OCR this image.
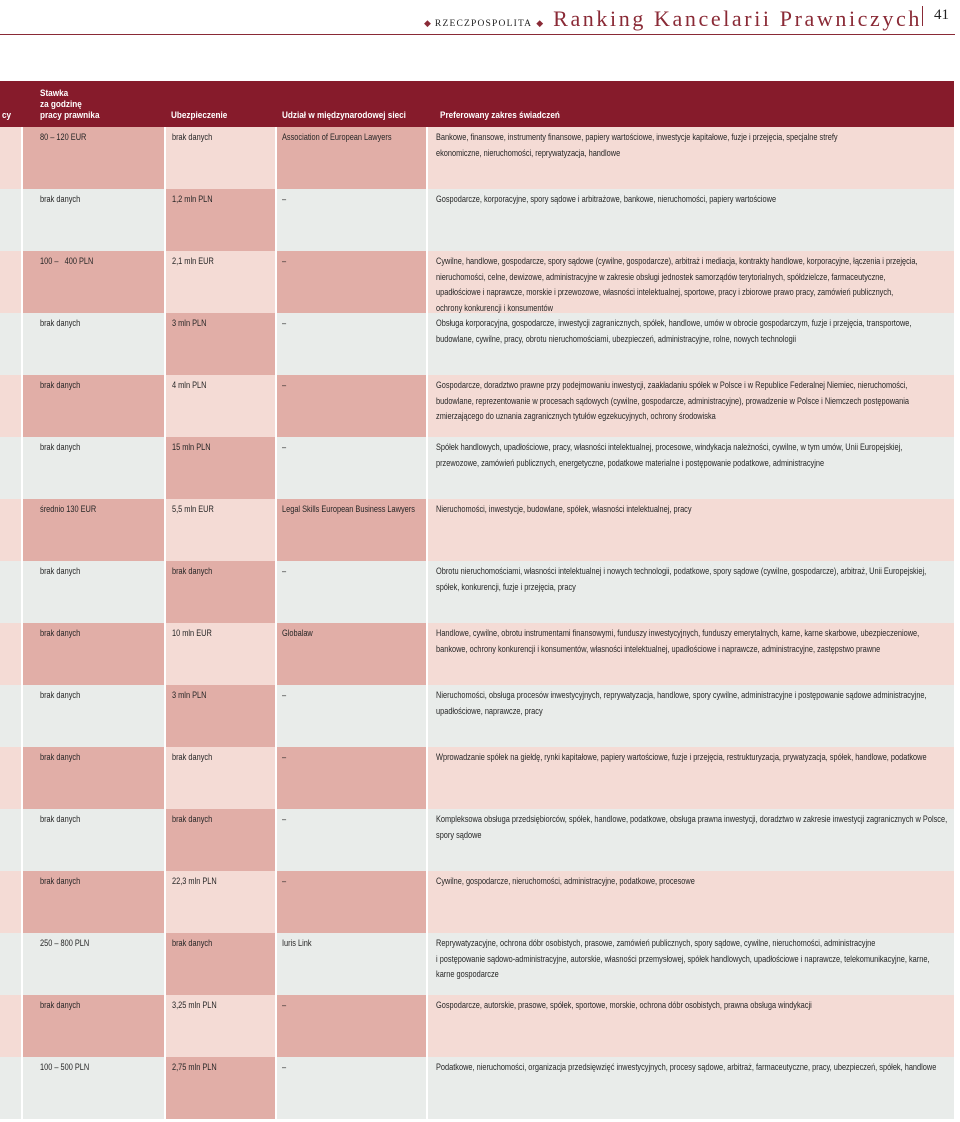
◆ RZECZPOSPOLITA ◆ Ranking Kancelarii Prawniczych 41
cy
Stawka
za godzinę
pracy prawnika	Ubezpieczenie	Udział w międzynarodowej sieci	Preferowany zakres świadczeń
80 – 120 EUR	brak danych	Association of European Lawyers	Bankowe, finansowe, instrumenty finansowe, papiery wartościowe, inwestycje kapitałowe, fuzje i przejęcia, specjalne strefy
ekonomiczne, nieruchomości, reprywatyzacja, handlowe
brak danych	1,2 mln PLN	–	Gospodarcze, korporacyjne, spory sądowe i arbitrażowe, bankowe, nieruchomości, papiery wartościowe
100 –   400 PLN	2,1 mln EUR	–	Cywilne, handlowe, gospodarcze, spory sądowe (cywilne, gospodarcze), arbitraż i mediacja, kontrakty handlowe, korporacyjne, łączenia i przejęcia,
nieruchomości, celne, dewizowe, administracyjne w zakresie obsługi jednostek samorządów terytorialnych, spółdzielcze, farmaceutyczne,
upadłościowe i naprawcze, morskie i przewozowe, własności intelektualnej, sportowe, pracy i zbiorowe prawo pracy, zamówień publicznych,
ochrony konkurencji i konsumentów
brak danych	3 mln PLN	–	Obsługa korporacyjna, gospodarcze, inwestycji zagranicznych, spółek, handlowe, umów w obrocie gospodarczym, fuzje i przejęcia, transportowe,
budowlane, cywilne, pracy, obrotu nieruchomościami, ubezpieczeń, administracyjne, rolne, nowych technologii
brak danych	4 mln PLN	–	Gospodarcze, doradztwo prawne przy podejmowaniu inwestycji, zaakładaniu spółek w Polsce i w Republice Federalnej Niemiec, nieruchomości,
budowlane, reprezentowanie w procesach sądowych (cywilne, gospodarcze, administracyjne), prowadzenie w Polsce i Niemczech postępowania
zmierzającego do uznania zagranicznych tytułów egzekucyjnych, ochrony środowiska
brak danych	15 mln PLN	–	Spółek handlowych, upadłościowe, pracy, własności intelektualnej, procesowe, windykacja należności, cywilne, w tym umów, Unii Europejskiej,
przewozowe, zamówień publicznych, energetyczne, podatkowe materialne i postępowanie podatkowe, administracyjne
średnio 130 EUR	5,5 mln EUR	Legal Skills European Business Lawyers	Nieruchomości, inwestycje, budowlane, spółek, własności intelektualnej, pracy
brak danych	brak danych	–	Obrotu nieruchomościami, własności intelektualnej i nowych technologii, podatkowe, spory sądowe (cywilne, gospodarcze), arbitraż, Unii Europejskiej,
spółek, konkurencji, fuzje i przejęcia, pracy
brak danych	10 mln EUR	Globalaw	Handlowe, cywilne, obrotu instrumentami finansowymi, funduszy inwestycyjnych, funduszy emerytalnych, karne, karne skarbowe, ubezpieczeniowe,
bankowe, ochrony konkurencji i konsumentów, własności intelektualnej, upadłościowe i naprawcze, administracyjne, zastępstwo prawne
brak danych	3 mln PLN	–	Nieruchomości, obsługa procesów inwestycyjnych, reprywatyzacja, handlowe, spory cywilne, administracyjne i postępowanie sądowe administracyjne,
upadłościowe, naprawcze, pracy
brak danych	brak danych	–	Wprowadzanie spółek na giełdę, rynki kapitałowe, papiery wartościowe, fuzje i przejęcia, restrukturyzacja, prywatyzacja, spółek, handlowe, podatkowe
brak danych	brak danych	–	Kompleksowa obsługa przedsiębiorców, spółek, handlowe, podatkowe, obsługa prawna inwestycji, doradztwo w zakresie inwestycji zagranicznych w Polsce,
spory sądowe
brak danych	22,3 mln PLN	–	Cywilne, gospodarcze, nieruchomości, administracyjne, podatkowe, procesowe
250 – 800 PLN	brak danych	Iuris Link	Reprywatyzacyjne, ochrona dóbr osobistych, prasowe, zamówień publicznych, spory sądowe, cywilne, nieruchomości, administracyjne
i postępowanie sądowo-administracyjne, autorskie, własności przemysłowej, spółek handlowych, upadłościowe i naprawcze, telekomunikacyjne, karne,
karne gospodarcze
brak danych	3,25 mln PLN	–	Gospodarcze, autorskie, prasowe, spółek, sportowe, morskie, ochrona dóbr osobistych, prawna obsługa windykacji
100 – 500 PLN	2,75 mln PLN	–	Podatkowe, nieruchomości, organizacja przedsięwzięć inwestycyjnych, procesy sądowe, arbitraż, farmaceutyczne, pracy, ubezpieczeń, spółek, handlowe
